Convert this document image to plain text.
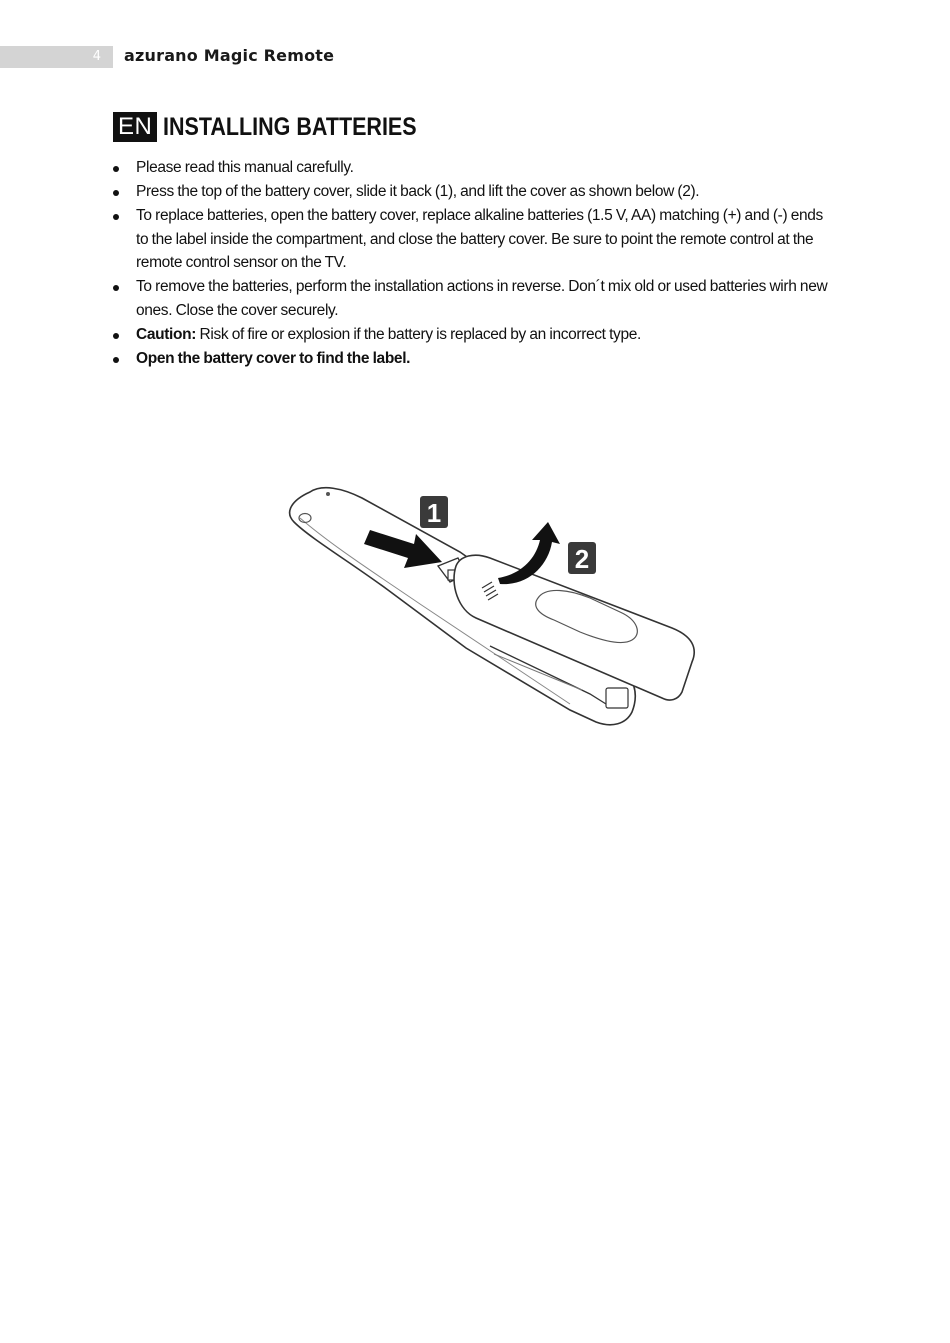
4 azurano Magic Remote
EN INSTALLING BATTERIES
Please read this manual carefully.
Press the top of the battery cover, slide it back (1), and lift the cover as shown below (2).
To replace batteries, open the battery cover, replace alkaline batteries (1.5 V, AA) matching (+) and (-) ends to the label inside the compartment, and close the battery cover. Be sure to point the remote control at the remote control sensor on the TV.
To remove the batteries, perform the installation actions in reverse. Don´t mix old or used batteries wirh new ones. Close the cover securely.
Caution: Risk of fire or explosion if the battery is replaced by an incorrect type.
Open the battery cover to find the label.
1
2
